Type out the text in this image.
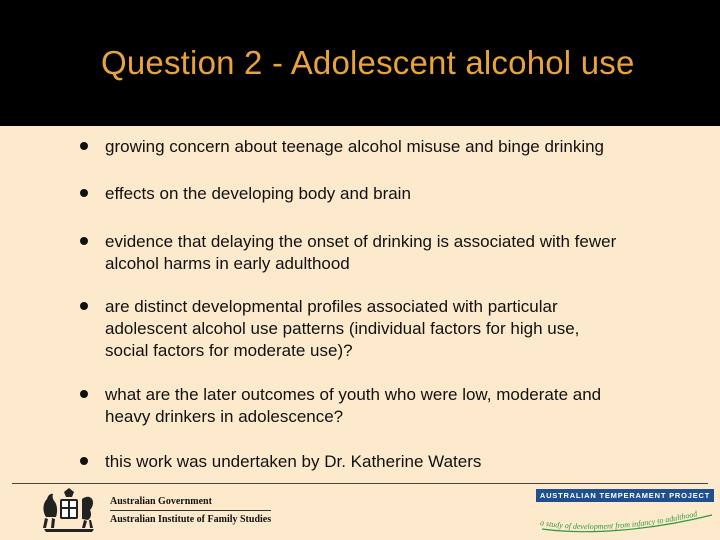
Question 2 - Adolescent alcohol use
growing concern about teenage alcohol misuse and binge drinking
effects on the developing body and brain
evidence that delaying the onset of drinking is associated with fewer
alcohol harms in early adulthood
are distinct developmental profiles associated with particular
adolescent alcohol use patterns (individual factors for high use,
social factors for moderate use)?
what are the later outcomes of youth who were low, moderate and
heavy drinkers in adolescence?
this work was undertaken by Dr. Katherine Waters
Australian Government
Australian Institute of Family Studies
AUSTRALIAN TEMPERAMENT PROJECT
a study of development from infancy to adulthood
